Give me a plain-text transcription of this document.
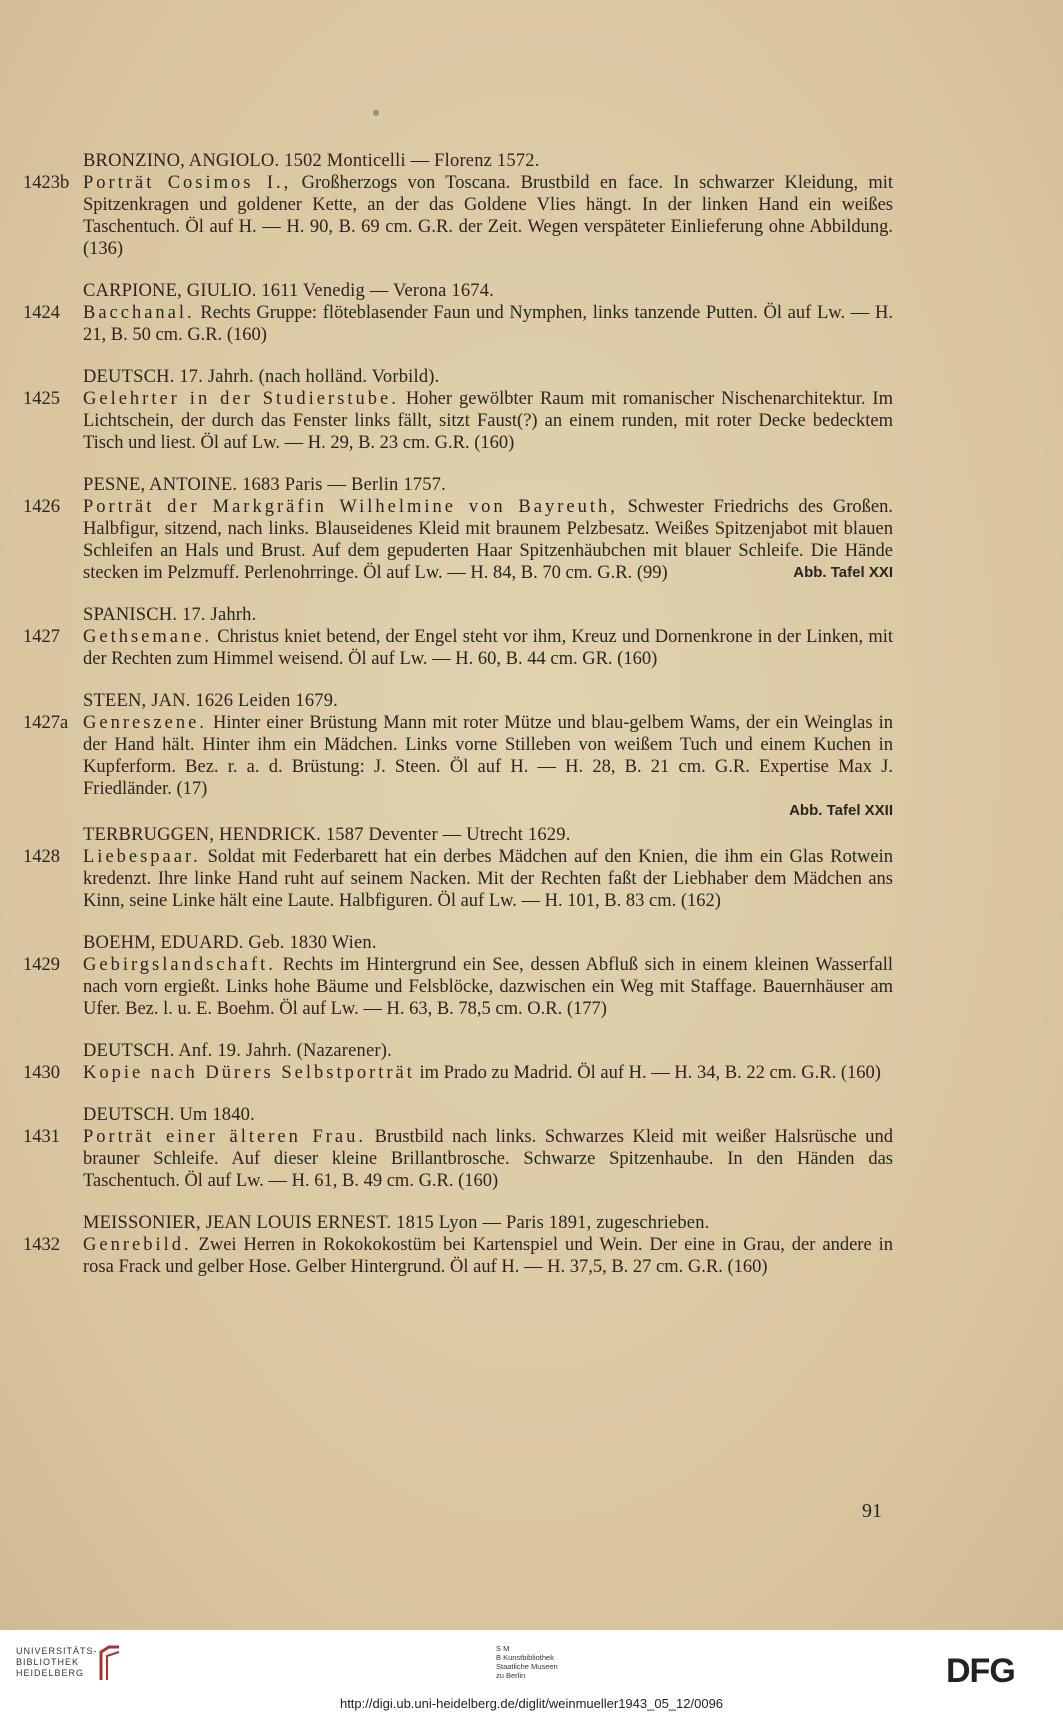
BRONZINO, ANGIOLO. 1502 Monticelli — Florenz 1572.
1423b Porträt Cosimos I., Großherzogs von Toscana. Brustbild en face. In schwarzer Kleidung, mit Spitzenkragen und goldener Kette, an der das Goldene Vlies hängt. In der linken Hand ein weißes Taschentuch. Öl auf H. — H. 90, B. 69 cm. G.R. der Zeit. Wegen verspäteter Einlieferung ohne Abbildung. (136)
CARPIONE, GIULIO. 1611 Venedig — Verona 1674.
1424 Bacchanal. Rechts Gruppe: flöteblasender Faun und Nymphen, links tanzende Putten. Öl auf Lw. — H. 21, B. 50 cm. G.R. (160)
DEUTSCH. 17. Jahrh. (nach holländ. Vorbild).
1425 Gelehrter in der Studierstube. Hoher gewölbter Raum mit romanischer Nischenarchitektur. Im Lichtschein, der durch das Fenster links fällt, sitzt Faust(?) an einem runden, mit roter Decke bedecktem Tisch und liest. Öl auf Lw. — H. 29, B. 23 cm. G.R. (160)
PESNE, ANTOINE. 1683 Paris — Berlin 1757.
1426 Porträt der Markgräfin Wilhelmine von Bayreuth, Schwester Friedrichs des Großen. Halbfigur, sitzend, nach links. Blauseidenes Kleid mit braunem Pelzbesatz. Weißes Spitzenjabot mit blauen Schleifen an Hals und Brust. Auf dem gepuderten Haar Spitzenhäubchen mit blauer Schleife. Die Hände stecken im Pelzmuff. Perlenohrringe. Öl auf Lw. — H. 84, B. 70 cm. G.R. (99)	Abb. Tafel XXI
SPANISCH. 17. Jahrh.
1427 Gethsemane. Christus kniet betend, der Engel steht vor ihm, Kreuz und Dornenkrone in der Linken, mit der Rechten zum Himmel weisend. Öl auf Lw. — H. 60, B. 44 cm. GR. (160)
STEEN, JAN. 1626 Leiden 1679.
1427a Genreszene. Hinter einer Brüstung Mann mit roter Mütze und blau-gelbem Wams, der ein Weinglas in der Hand hält. Hinter ihm ein Mädchen. Links vorne Stilleben von weißem Tuch und einem Kuchen in Kupferform. Bez. r. a. d. Brüstung: J. Steen. Öl auf H. — H. 28, B. 21 cm. G.R. Expertise Max J. Friedländer. (17)
Abb. Tafel XXII
TERBRUGGEN, HENDRICK. 1587 Deventer — Utrecht 1629.
1428 Liebespaar. Soldat mit Federbarett hat ein derbes Mädchen auf den Knien, die ihm ein Glas Rotwein kredenzt. Ihre linke Hand ruht auf seinem Nacken. Mit der Rechten faßt der Liebhaber dem Mädchen ans Kinn, seine Linke hält eine Laute. Halbfiguren. Öl auf Lw. — H. 101, B. 83 cm. (162)
BOEHM, EDUARD. Geb. 1830 Wien.
1429 Gebirgslandschaft. Rechts im Hintergrund ein See, dessen Abfluß sich in einem kleinen Wasserfall nach vorn ergießt. Links hohe Bäume und Felsblöcke, dazwischen ein Weg mit Staffage. Bauernhäuser am Ufer. Bez. l. u. E. Boehm. Öl auf Lw. — H. 63, B. 78,5 cm. O.R. (177)
DEUTSCH. Anf. 19. Jahrh. (Nazarener).
1430 Kopie nach Dürers Selbstporträt im Prado zu Madrid. Öl auf H. — H. 34, B. 22 cm. G.R. (160)
DEUTSCH. Um 1840.
1431 Porträt einer älteren Frau. Brustbild nach links. Schwarzes Kleid mit weißer Halsrüsche und brauner Schleife. Auf dieser kleine Brillantbrosche. Schwarze Spitzenhaube. In den Händen das Taschentuch. Öl auf Lw. — H. 61, B. 49 cm. G.R. (160)
MEISSONIER, JEAN LOUIS ERNEST. 1815 Lyon — Paris 1891, zugeschrieben.
1432 Genrebild. Zwei Herren in Rokokokostüm bei Kartenspiel und Wein. Der eine in Grau, der andere in rosa Frack und gelber Hose. Gelber Hintergrund. Öl auf H. — H. 37,5, B. 27 cm. G.R. (160)
91
UNIVERSITÄTS-
BIBLIOTHEK
HEIDELBERG
S M
B Kunstbibliothek
Staatliche Museen
zu Berlin	DFG
http://digi.ub.uni-heidelberg.de/diglit/weinmueller1943_05_12/0096
